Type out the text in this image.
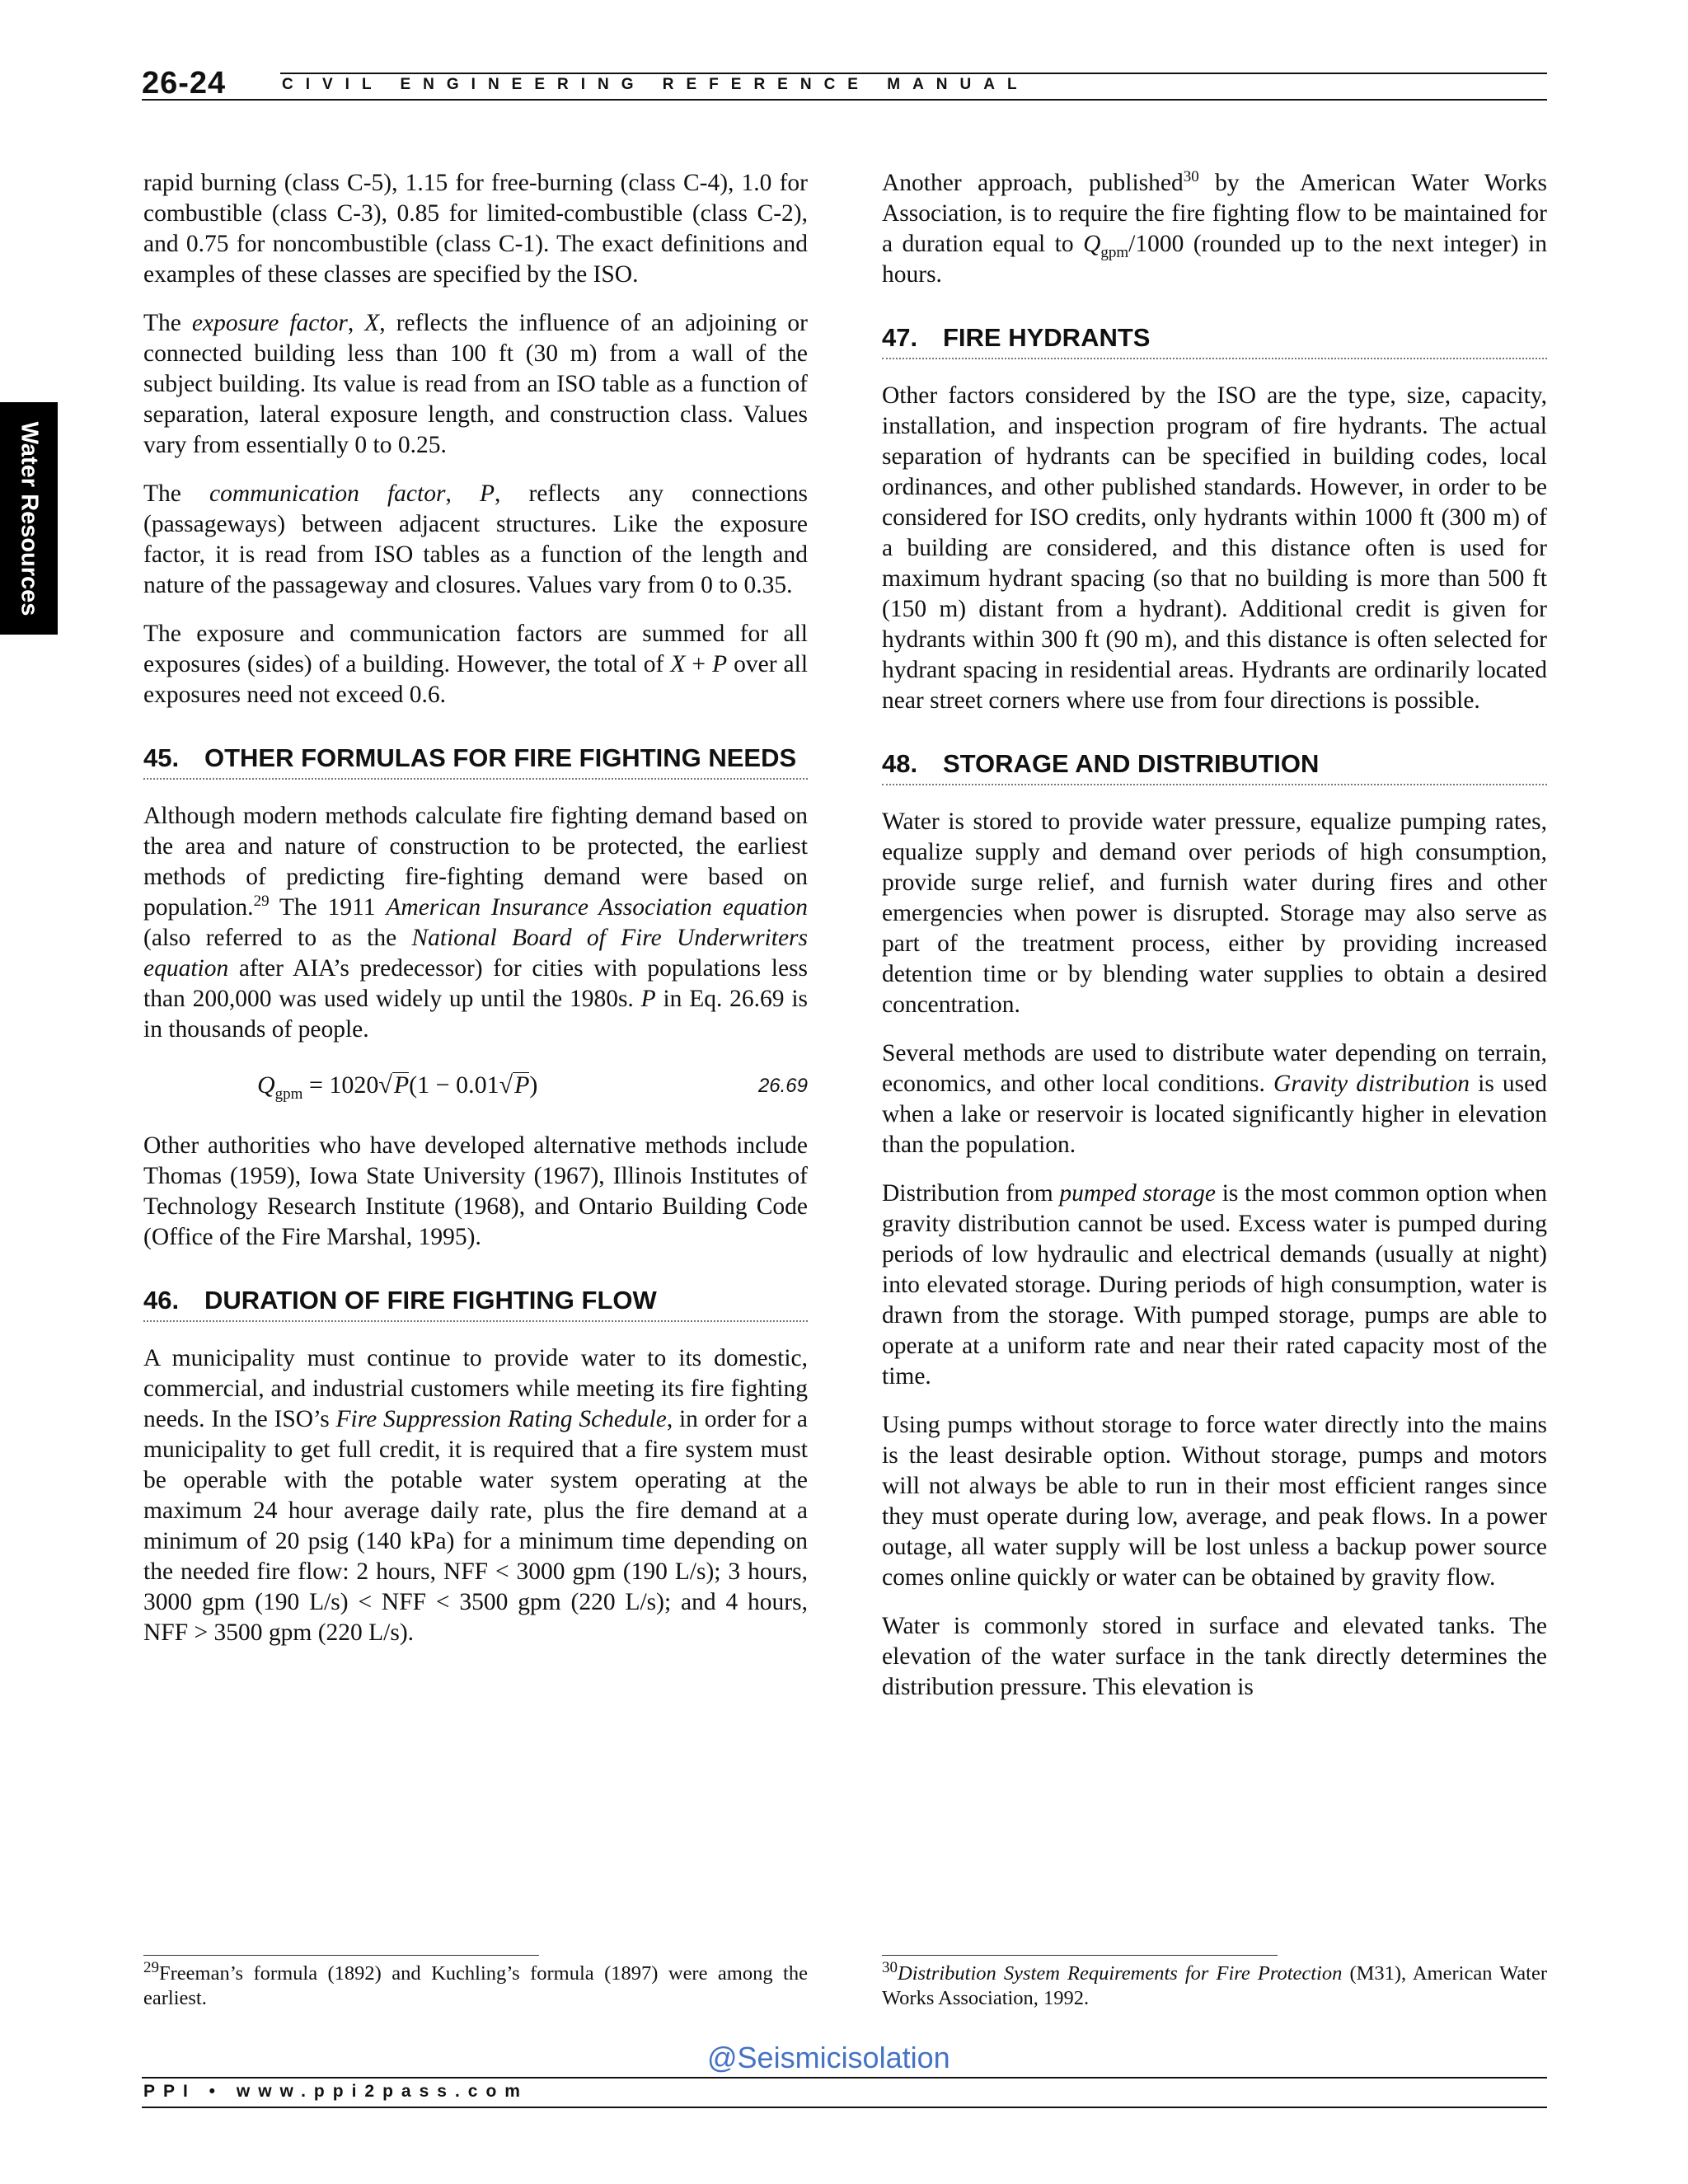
26-24	CIVIL ENGINEERING REFERENCE MANUAL
Water Resources

rapid burning (class C-5), 1.15 for free-burning (class C-4), 1.0 for combustible (class C-3), 0.85 for limited-combustible (class C-2), and 0.75 for noncombustible (class C-1). The exact definitions and examples of these classes are specified by the ISO.

The exposure factor, X, reflects the influence of an adjoining or connected building less than 100 ft (30 m) from a wall of the subject building. Its value is read from an ISO table as a function of separation, lateral exposure length, and construction class. Values vary from essentially 0 to 0.25.

The communication factor, P, reflects any connections (passageways) between adjacent structures. Like the exposure factor, it is read from ISO tables as a function of the length and nature of the passageway and closures. Values vary from 0 to 0.35.

The exposure and communication factors are summed for all exposures (sides) of a building. However, the total of X + P over all exposures need not exceed 0.6.

45. OTHER FORMULAS FOR FIRE FIGHTING NEEDS

Although modern methods calculate fire fighting demand based on the area and nature of construction to be protected, the earliest methods of predicting fire-fighting demand were based on population.$^{29}$ The 1911 American Insurance Association equation (also referred to as the National Board of Fire Underwriters equation after AIA’s predecessor) for cities with populations less than 200,000 was used widely up until the 1980s. P in Eq. 26.69 is in thousands of people.

$Q_{gpm} = 1020√P(1 - 0.01√P)$	26.69

Other authorities who have developed alternative methods include Thomas (1959), Iowa State University (1967), Illinois Institutes of Technology Research Institute (1968), and Ontario Building Code (Office of the Fire Marshal, 1995).

46. DURATION OF FIRE FIGHTING FLOW

A municipality must continue to provide water to its domestic, commercial, and industrial customers while meeting its fire fighting needs. In the ISO’s Fire Suppression Rating Schedule, in order for a municipality to get full credit, it is required that a fire system must be operable with the potable water system operating at the maximum 24 hour average daily rate, plus the fire demand at a minimum of 20 psig (140 kPa) for a minimum time depending on the needed fire flow: 2 hours, NFF < 3000 gpm (190 L/s); 3 hours, 3000 gpm (190 L/s) < NFF < 3500 gpm (220 L/s); and 4 hours, NFF > 3500 gpm (220 L/s).

Another approach, published$^{30}$ by the American Water Works Association, is to require the fire fighting flow to be maintained for a duration equal to $Q_{gpm}/1000$ (rounded up to the next integer) in hours.

47. FIRE HYDRANTS

Other factors considered by the ISO are the type, size, capacity, installation, and inspection program of fire hydrants. The actual separation of hydrants can be specified in building codes, local ordinances, and other published standards. However, in order to be considered for ISO credits, only hydrants within 1000 ft (300 m) of a building are considered, and this distance often is used for maximum hydrant spacing (so that no building is more than 500 ft (150 m) distant from a hydrant). Additional credit is given for hydrants within 300 ft (90 m), and this distance is often selected for hydrant spacing in residential areas. Hydrants are ordinarily located near street corners where use from four directions is possible.

48. STORAGE AND DISTRIBUTION

Water is stored to provide water pressure, equalize pumping rates, equalize supply and demand over periods of high consumption, provide surge relief, and furnish water during fires and other emergencies when power is disrupted. Storage may also serve as part of the treatment process, either by providing increased detention time or by blending water supplies to obtain a desired concentration.

Several methods are used to distribute water depending on terrain, economics, and other local conditions. Gravity distribution is used when a lake or reservoir is located significantly higher in elevation than the population.

Distribution from pumped storage is the most common option when gravity distribution cannot be used. Excess water is pumped during periods of low hydraulic and electrical demands (usually at night) into elevated storage. During periods of high consumption, water is drawn from the storage. With pumped storage, pumps are able to operate at a uniform rate and near their rated capacity most of the time.

Using pumps without storage to force water directly into the mains is the least desirable option. Without storage, pumps and motors will not always be able to run in their most efficient ranges since they must operate during low, average, and peak flows. In a power outage, all water supply will be lost unless a backup power source comes online quickly or water can be obtained by gravity flow.

Water is commonly stored in surface and elevated tanks. The elevation of the water surface in the tank directly determines the distribution pressure. This elevation is

$^{29}$Freeman’s formula (1892) and Kuchling’s formula (1897) were among the earliest.
$^{30}$Distribution System Requirements for Fire Protection (M31), American Water Works Association, 1992.
@Seismicisolation
PPI • www.ppi2pass.com
